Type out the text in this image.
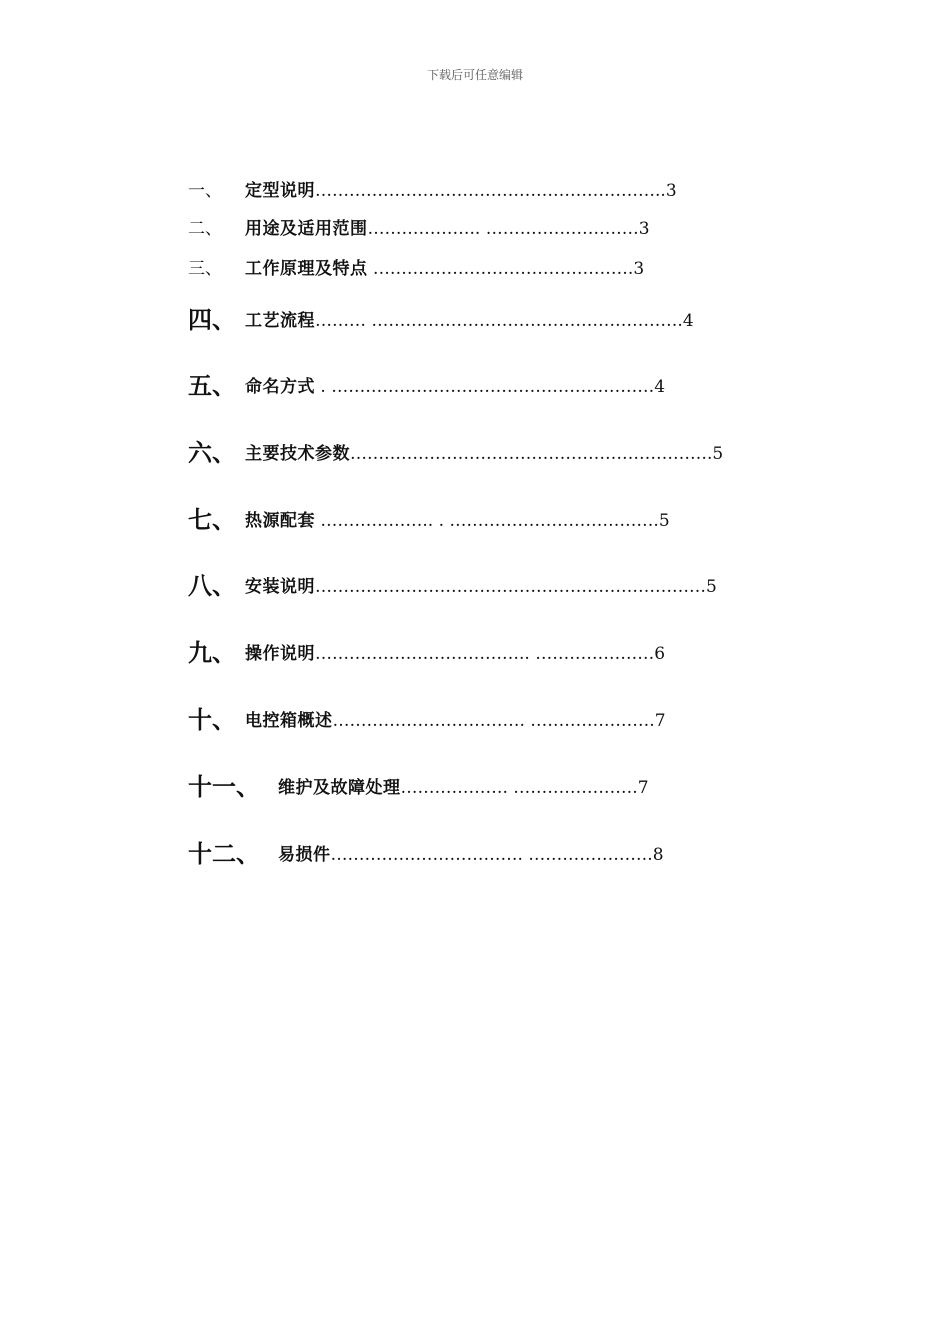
下载后可任意编辑
一、 定型说明……………………………………………………..3
二、 用途及适用范围……………….. ………………………3
三、 工作原理及特点 ……………………………………….3
四、 工艺流程……… ……………………………………………….4
五、 命名方式 . …………………………………………………4
六、 主要技术参数……………………………………………………….5
七、 热源配套 ……………….. . ……………………………….5
八、 安装说明……………………………………………………………5
九、 操作说明……………………………….. …………………6
十、 电控箱概述……………………………. ………………….7
十一、 维护及故障处理………………. ………………….7
十二、 易损件……………………………. ………………….8
